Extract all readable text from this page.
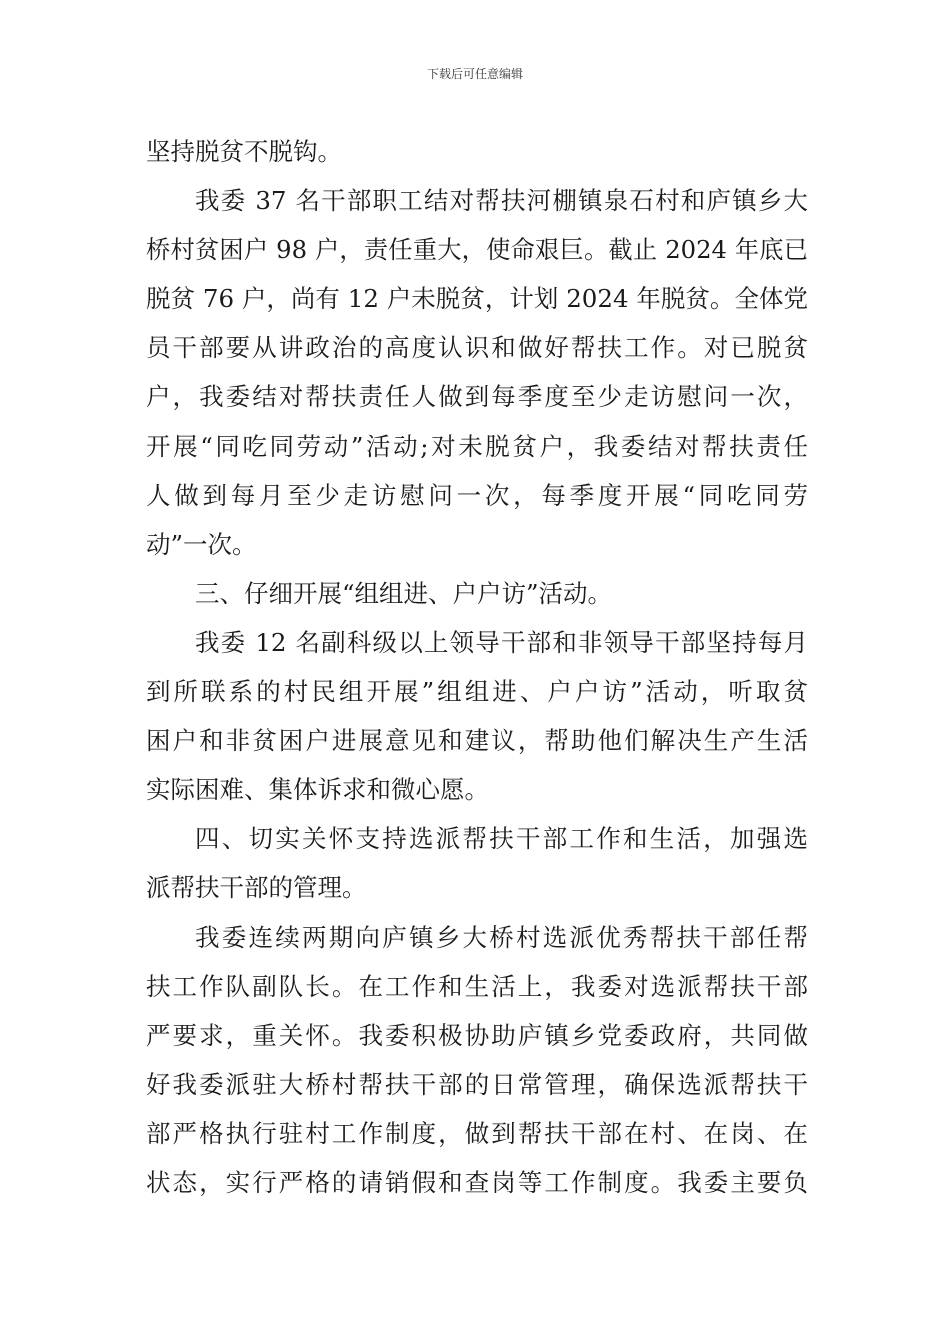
下载后可任意编辑
坚持脱贫不脱钩。
我委 37 名干部职工结对帮扶河棚镇泉石村和庐镇乡大
桥村贫困户 98 户，责任重大，使命艰巨。截止 2024 年底已
脱贫 76 户，尚有 12 户未脱贫，计划 2024 年脱贫。全体党
员干部要从讲政治的高度认识和做好帮扶工作。对已脱贫
户，我委结对帮扶责任人做到每季度至少走访慰问一次，
开展“同吃同劳动”活动;对未脱贫户，我委结对帮扶责任
人做到每月至少走访慰问一次，每季度开展“同吃同劳
动”一次。
三、仔细开展“组组进、户户访”活动。
我委 12 名副科级以上领导干部和非领导干部坚持每月
到所联系的村民组开展”组组进、户户访”活动，听取贫
困户和非贫困户进展意见和建议，帮助他们解决生产生活
实际困难、集体诉求和微心愿。
四、切实关怀支持选派帮扶干部工作和生活，加强选
派帮扶干部的管理。
我委连续两期向庐镇乡大桥村选派优秀帮扶干部任帮
扶工作队副队长。在工作和生活上，我委对选派帮扶干部
严要求，重关怀。我委积极协助庐镇乡党委政府，共同做
好我委派驻大桥村帮扶干部的日常管理，确保选派帮扶干
部严格执行驻村工作制度，做到帮扶干部在村、在岗、在
状态，实行严格的请销假和查岗等工作制度。我委主要负
